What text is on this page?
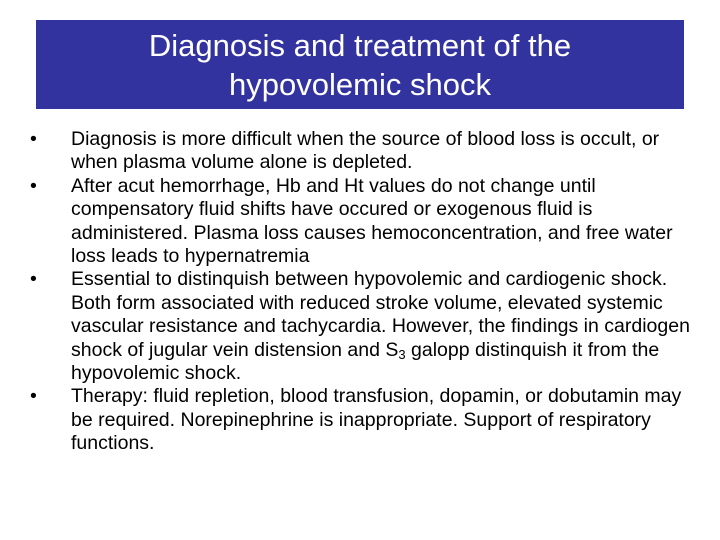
Diagnosis and treatment of the hypovolemic shock
•	Diagnosis is more difficult when the source of blood loss is occult, or when plasma volume alone is depleted.
•	After acut hemorrhage, Hb and Ht values do not change until compensatory fluid shifts have occured or exogenous fluid is administered. Plasma loss causes hemoconcentration, and free water loss leads to hypernatremia
•	Essential to distinquish between hypovolemic and cardiogenic shock. Both form associated with reduced stroke volume, elevated systemic vascular resistance and tachycardia. However, the findings in cardiogen shock of jugular vein distension and $S_3$ galopp distinquish it from the hypovolemic shock.
•	Therapy: fluid repletion, blood transfusion, dopamin, or dobutamin may be required. Norepinephrine is inappropriate. Support of respiratory functions.
